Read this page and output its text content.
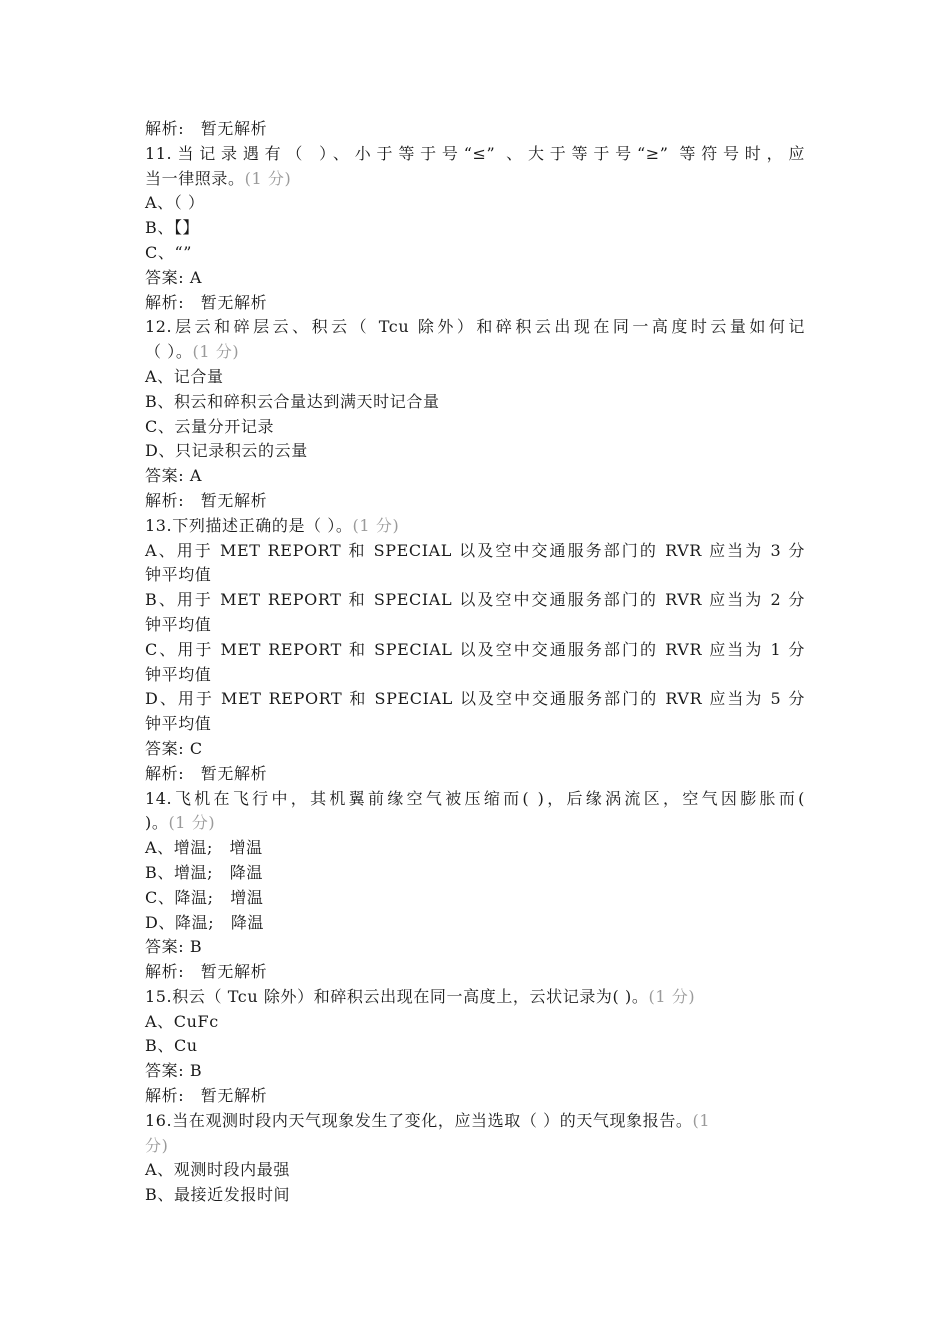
解析:　暂无解析
11.当记录遇有（ ）、小于等于号“≤” 、大于等于号“≥” 等符号时，应
当一律照录。(1 分)
A、（ ）
B、【】
C、“”
答案: A
解析:　暂无解析
12.层云和碎层云、积云（ Tcu 除外）和碎积云出现在同一高度时云量如何记
（ ）。(1 分)
A、记合量
B、积云和碎积云合量达到满天时记合量
C、云量分开记录
D、只记录积云的云量
答案: A
解析:　暂无解析
13.下列描述正确的是（ ）。(1 分)
A、用于 MET REPORT 和 SPECIAL 以及空中交通服务部门的 RVR 应当为 3 分
钟平均值
B、用于 MET REPORT 和 SPECIAL 以及空中交通服务部门的 RVR 应当为 2 分
钟平均值
C、用于 MET REPORT 和 SPECIAL 以及空中交通服务部门的 RVR 应当为 1 分
钟平均值
D、用于 MET REPORT 和 SPECIAL 以及空中交通服务部门的 RVR 应当为 5 分
钟平均值
答案: C
解析:　暂无解析
14.飞机在飞行中，其机翼前缘空气被压缩而( )，后缘涡流区，空气因膨胀而(
)。(1 分)
A、增温;　增温
B、增温;　降温
C、降温;　增温
D、降温;　降温
答案: B
解析:　暂无解析
15.积云（ Tcu 除外）和碎积云出现在同一高度上，云状记录为( )。(1 分)
A、CuFc
B、Cu
答案: B
解析:　暂无解析
16.当在观测时段内天气现象发生了变化，应当选取（ ）的天气现象报告。(1
分)
A、观测时段内最强
B、最接近发报时间
